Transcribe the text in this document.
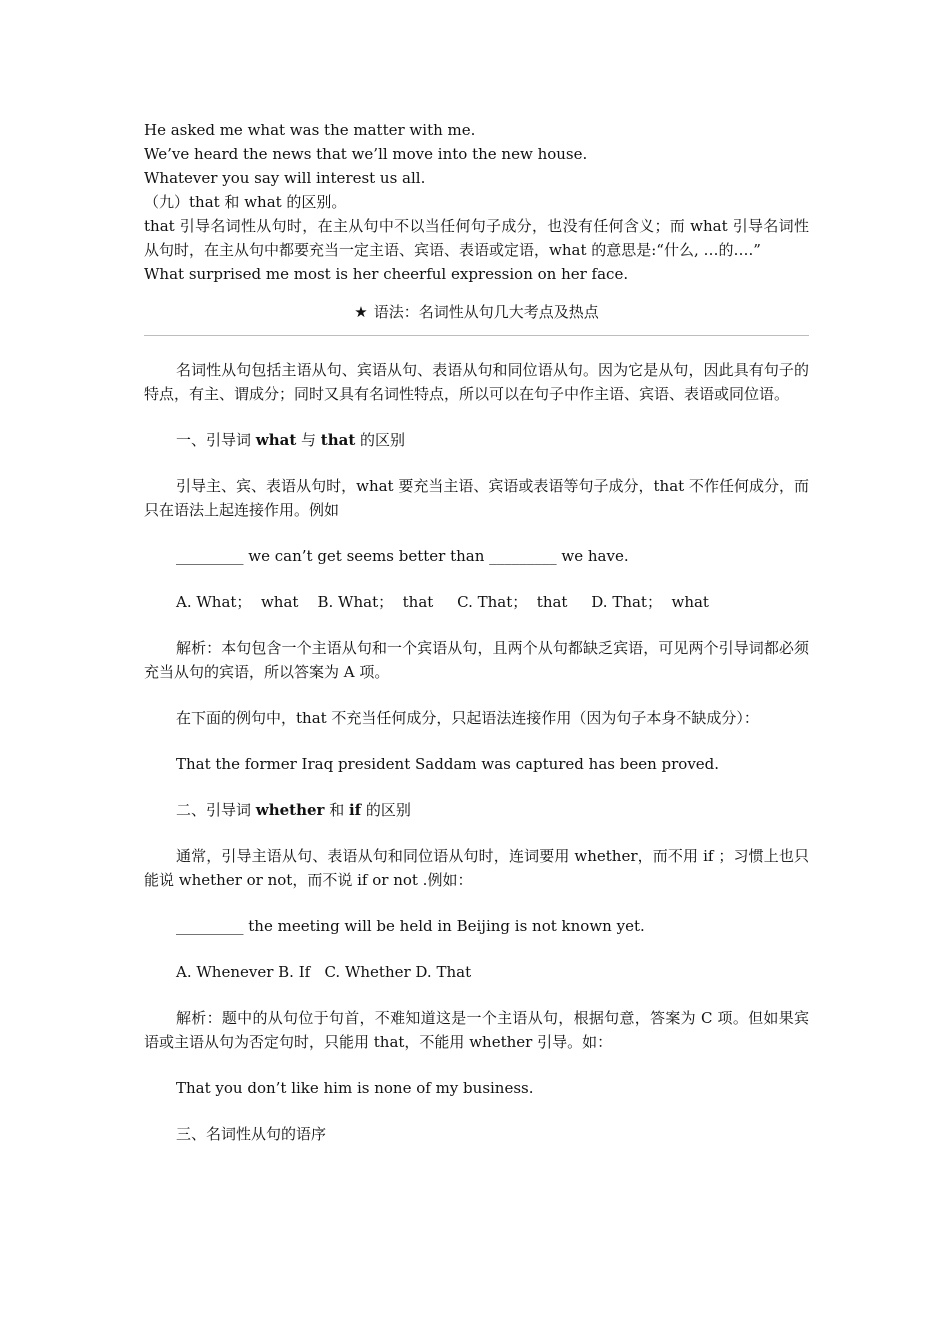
He asked me what was the matter with me.
We’ve heard the news that we’ll move into the new house.
Whatever you say will interest us all.
（九）that 和 what 的区别。
that 引导名词性从句时，在主从句中不以当任何句子成分，也没有任何含义；而 what 引导名词性从句时，在主从句中都要充当一定主语、宾语、表语或定语，what 的意思是:“什么, …的….”
What surprised me most is her cheerful expression on her face.
★ 语法：名词性从句几大考点及热点
名词性从句包括主语从句、宾语从句、表语从句和同位语从句。因为它是从句，因此具有句子的特点，有主、谓成分；同时又具有名词性特点，所以可以在句子中作主语、宾语、表语或同位语。
一、引导词 what 与 that 的区别
引导主、宾、表语从句时，what 要充当主语、宾语或表语等句子成分，that 不作任何成分，而只在语法上起连接作用。例如
_________ we can’t get seems better than _________ we have.
A. What；  what    B. What；  that     C. That；  that     D. That；  what
解析：本句包含一个主语从句和一个宾语从句，且两个从句都缺乏宾语，可见两个引导词都必须充当从句的宾语，所以答案为 A 项。
在下面的例句中，that 不充当任何成分，只起语法连接作用（因为句子本身不缺成分）：
That the former Iraq president Saddam was captured has been proved.
二、引导词 whether 和 if 的区别
通常，引导主语从句、表语从句和同位语从句时，连词要用 whether，而不用 if ；习惯上也只能说 whether or not，而不说 if or not .例如：
_________ the meeting will be held in Beijing is not known yet.
A. Whenever B. If   C. Whether D. That
解析：题中的从句位于句首，不难知道这是一个主语从句，根据句意，答案为 C 项。但如果宾语或主语从句为否定句时，只能用 that，不能用 whether 引导。如：
That you don’t like him is none of my business.
三、名词性从句的语序
